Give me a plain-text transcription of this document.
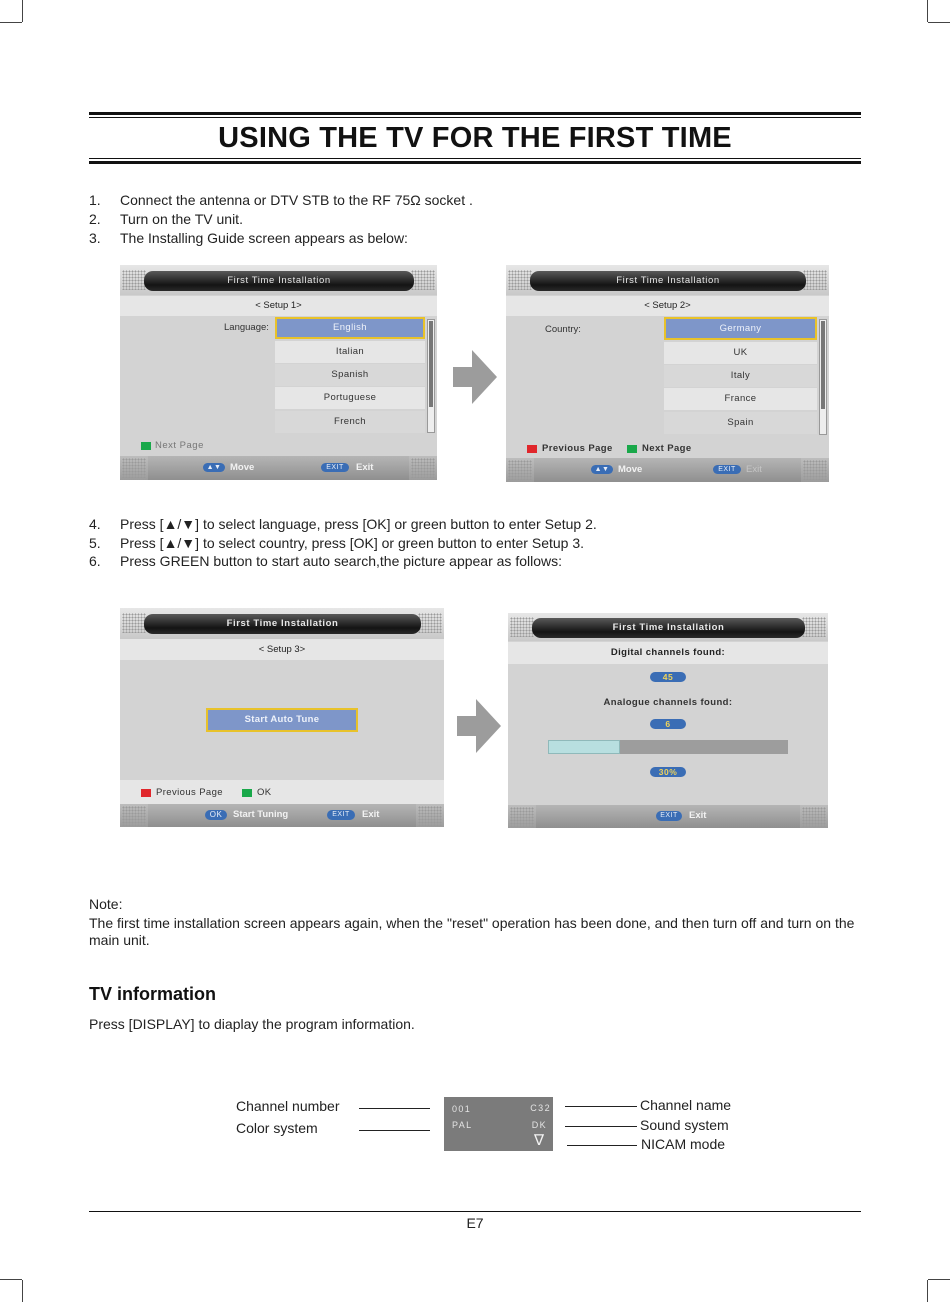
USING THE TV FOR THE FIRST TIME
1. Connect the antenna or DTV STB to the RF 75Ω socket .
2. Turn on the TV unit.
3. The Installing Guide screen appears as below:
First Time Installation
< Setup 1>
Language:	English
Italian
Spanish
Portuguese
French
Next Page
▲▼ Move	EXIT	Exit
First Time Installation
< Setup 2>
Country:	Germany
UK
Italy
France
Spain
Previous Page	Next Page
▲▼ Move	EXIT	Exit
4. Press [▲/▼] to select language, press [OK] or green button to enter Setup 2.
5. Press [▲/▼] to select country, press [OK] or green button to enter Setup 3.
6. Press GREEN button to start auto search,the picture appear as follows:
First Time Installation
< Setup 3>
Start Auto Tune
Previous Page	OK
OK	Start Tuning	EXIT	Exit
First Time Installation
Digital channels found:
45
Analogue channels found:
6
30%
EXIT	Exit
Note:
The first time installation screen appears again, when the "reset" operation has been done, and then turn off and turn on the main unit.
TV information
Press [DISPLAY] to diaplay the program information.
Channel number
Color system
001	C32
PAL	DK
∇
Channel name
Sound system
NICAM mode
E7
